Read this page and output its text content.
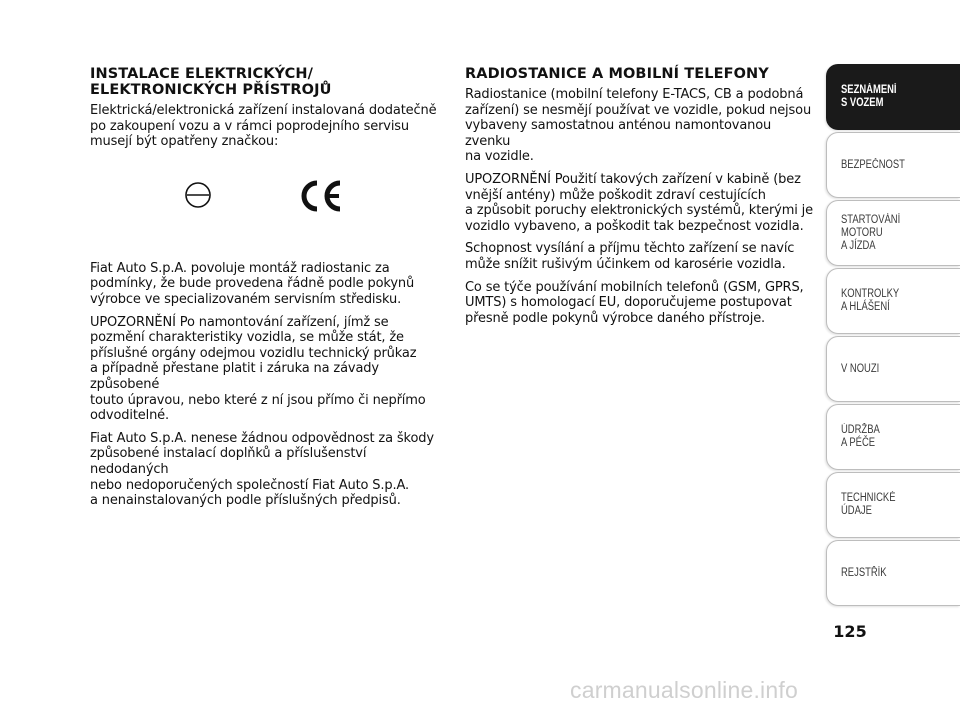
INSTALACE ELEKTRICKÝCH/
ELEKTRONICKÝCH PŘÍSTROJŮ

Elektrická/elektronická zařízení instalovaná dodatečně
po zakoupení vozu a v rámci poprodejního servisu
musejí být opatřeny značkou:

Fiat Auto S.p.A. povoluje montáž radiostanic za
podmínky, že bude provedena řádně podle pokynů
výrobce ve specializovaném servisním středisku.

UPOZORNĚNÍ Po namontování zařízení, jímž se
pozmění charakteristiky vozidla, se může stát, že
příslušné orgány odejmou vozidlu technický průkaz
a případně přestane platit i záruka na závady způsobené
touto úpravou, nebo které z ní jsou přímo či nepřímo
odvoditelné.

Fiat Auto S.p.A. nenese žádnou odpovědnost za škody
způsobené instalací doplňků a příslušenství nedodaných
nebo nedoporučených společností Fiat Auto S.p.A.
a nenainstalovaných podle příslušných předpisů.

RADIOSTANICE A MOBILNÍ TELEFONY

Radiostanice (mobilní telefony E-TACS, CB a podobná
zařízení) se nesmějí používat ve vozidle, pokud nejsou
vybaveny samostatnou anténou namontovanou zvenku
na vozidle.

UPOZORNĚNÍ Použití takových zařízení v kabině (bez
vnější antény) může poškodit zdraví cestujících
a způsobit poruchy elektronických systémů, kterými je
vozidlo vybaveno, a poškodit tak bezpečnost vozidla.

Schopnost vysílání a příjmu těchto zařízení se navíc
může snížit rušivým účinkem od karosérie vozidla.

Co se týče používání mobilních telefonů (GSM, GPRS,
UMTS) s homologací EU, doporučujeme postupovat
přesně podle pokynů výrobce daného přístroje.

SEZNÁMENÍ
S VOZEM
BEZPEČNOST
STARTOVÁNÍ
MOTORU
A JÍZDA
KONTROLKY
A HLÁŠENÍ
V NOUZI
ÚDRŽBA
A PÉČE
TECHNICKÉ
ÚDAJE
REJSTŘÍK
125
carmanualsonline.info
